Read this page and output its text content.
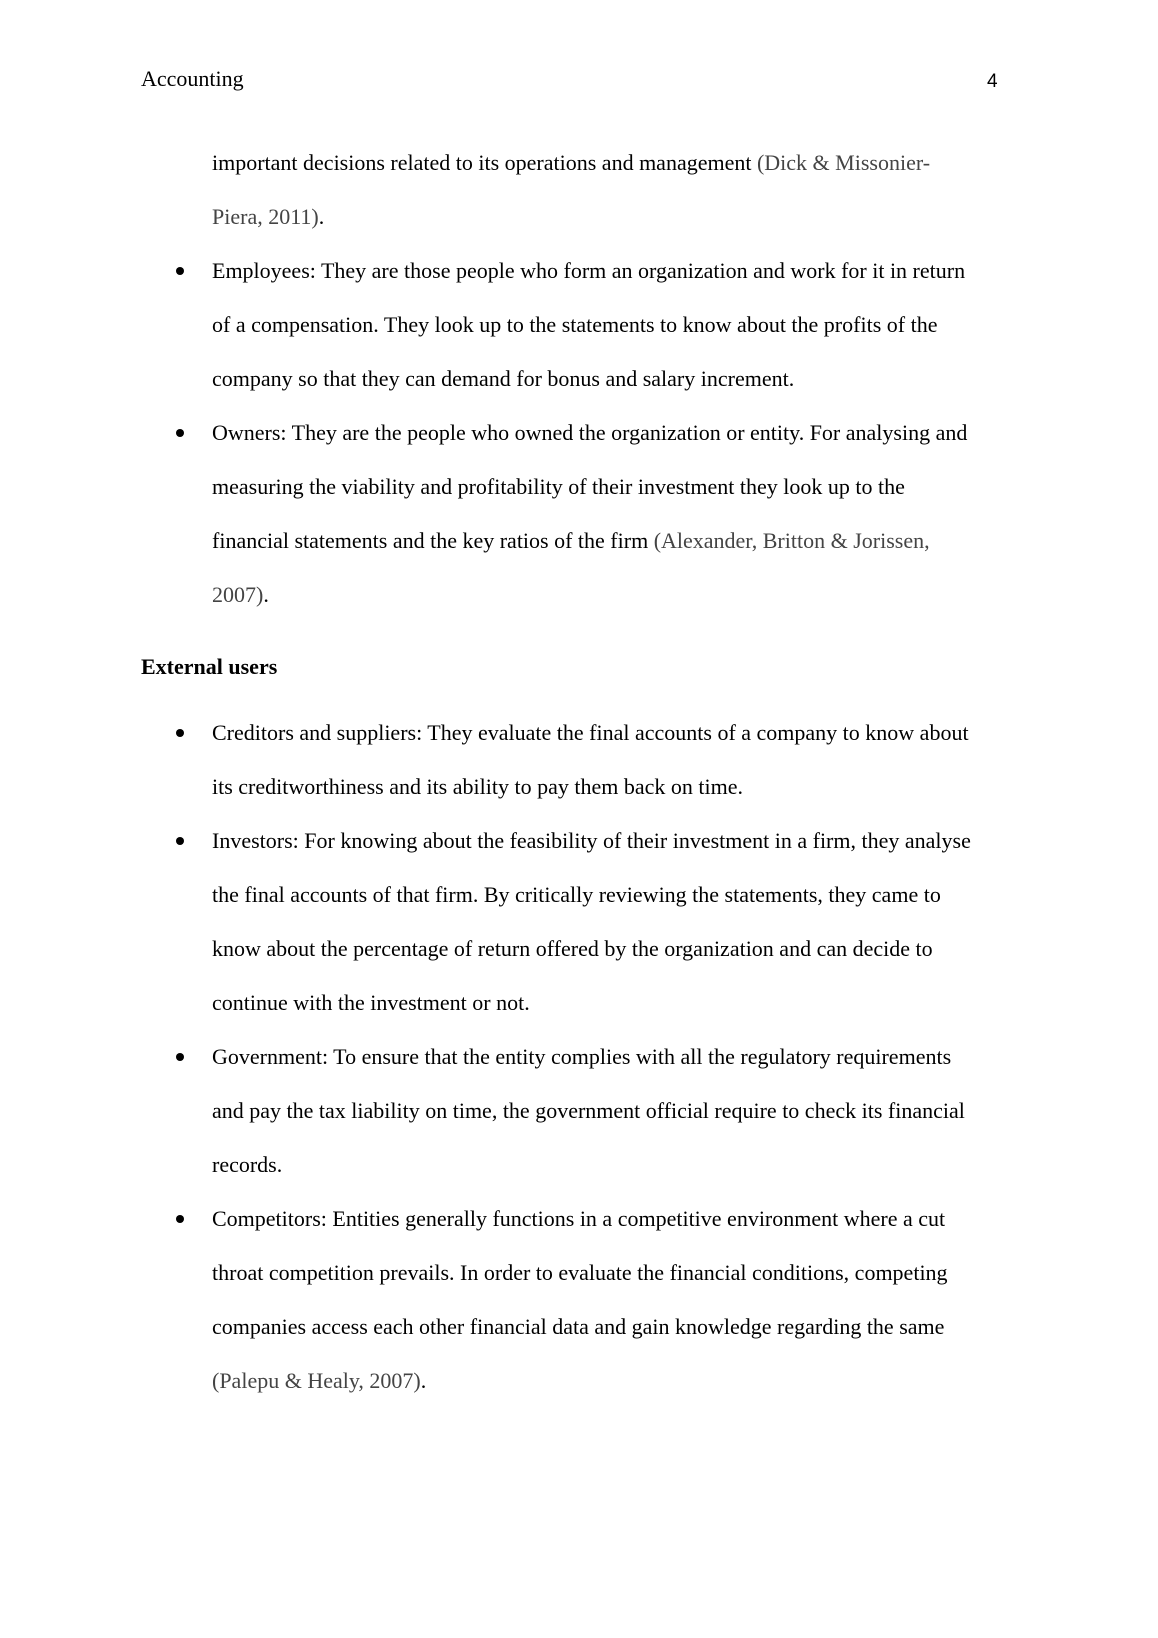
Accounting	4
important decisions related to its operations and management (Dick & Missonier-
Piera, 2011).
Employees: They are those people who form an organization and work for it in return
of a compensation. They look up to the statements to know about the profits of the
company so that they can demand for bonus and salary increment.
Owners: They are the people who owned the organization or entity. For analysing and
measuring the viability and profitability of their investment they look up to the
financial statements and the key ratios of the firm (Alexander, Britton & Jorissen,
2007).
External users
Creditors and suppliers: They evaluate the final accounts of a company to know about
its creditworthiness and its ability to pay them back on time.
Investors: For knowing about the feasibility of their investment in a firm, they analyse
the final accounts of that firm. By critically reviewing the statements, they came to
know about the percentage of return offered by the organization and can decide to
continue with the investment or not.
Government: To ensure that the entity complies with all the regulatory requirements
and pay the tax liability on time, the government official require to check its financial
records.
Competitors: Entities generally functions in a competitive environment where a cut
throat competition prevails. In order to evaluate the financial conditions, competing
companies access each other financial data and gain knowledge regarding the same
(Palepu & Healy, 2007).
